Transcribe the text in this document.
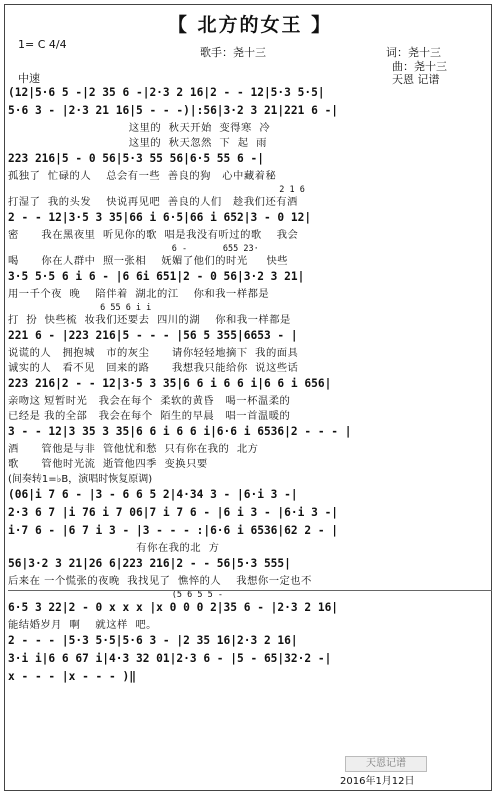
【 北方的女王 】
1= C 4/4
歌手：尧十三	词：尧十三
曲：尧十三
中速	天恩 记谱
(12|5·6 5 -|2 35 6 -|2·3 2 16|2 - - 12|5·3 5·5|
5·6 3 - |2·3 21 16|5 - - -)|:56|3·2 3 21|221 6 -|
这里的  秋天开始  变得寒  冷
这里的  秋天忽然  下  起  雨
223 216|5 - 0 56|5·3 55 56|6·5 55 6 -|
孤独了  忙碌的人    总会有一些  善良的狗   心中藏着秘
2 1 6
打湿了  我的头发    快说再见吧  善良的人们   趁我们还有酒
2 - - 12|3·5 3 35|66 i 6·5|66 i 652|3 - 0 12|
密      我在黑夜里  听见你的歌  唱是我没有听过的歌    我会
6 -       655 23·
喝      你在人群中  照一张相    妩媚了他们的时光     快些
3·5 5·5 6 i 6 - |6 6i 651|2 - 0 56|3·2 3 21|
用一千个夜  晚    陪伴着  湖北的江    你和我一样都是
6 55 6 i i
打  扮  快些梳  妆我们还要去  四川的湖    你和我一样都是
221 6 - |223 216|5 - - - |56 5 355|6653 - |
说谎的人   拥抱城   市的灰尘      请你轻轻地摘下  我的面具
诚实的人   看不见   回来的路      我想我只能给你  说这些话
223 216|2 - - 12|3·5 3 35|6 6 i 6 6 i|6 6 i 656|
亲吻这 短暂时光   我会在每个  柔软的黄昏   喝一杯温柔的
已经是 我的全部   我会在每个  陌生的早晨   唱一首温暖的
3 - - 12|3 35 3 35|6 6 i 6 6 i|6·6 i 6536|2 - - - |
酒      管他是与非  管他忧和愁  只有你在我的  北方
歌      管他时光流  逝管他四季  变换只要
(间奏转1=♭B，演唱时恢复原调)
(06|i 7 6 - |3 - 6 6 5 2|4·34 3 - |6·i 3 -|
2·3 6 7 |i 76 i 7 06|7 i 7 6 - |6 i 3 - |6·i 3 -|
i·7 6 - |6 7 i 3 - |3 - - - :|6·6 i 6536|62 2 - |
有你在我的北  方
56|3·2 3 21|26 6|223 216|2 - - 56|5·3 555|
后来在 一个慌张的夜晚  我找见了  憔悴的人    我想你一定也不
(5 6 5 5 -
6·5 3 22|2 - 0 x x x |x 0 0 0 2|35 6 - |2·3 2 16|
能结婚岁月  啊    就这样  吧。
2 - - - |5·3 5·5|5·6 3 - |2 35 16|2·3 2 16|
3·i i|6 6 67 i|4·3 32 01|2·3 6 - |5 - 65|32·2 -|
x - - - |x - - - )‖
天恩记谱
2016年1月12日
